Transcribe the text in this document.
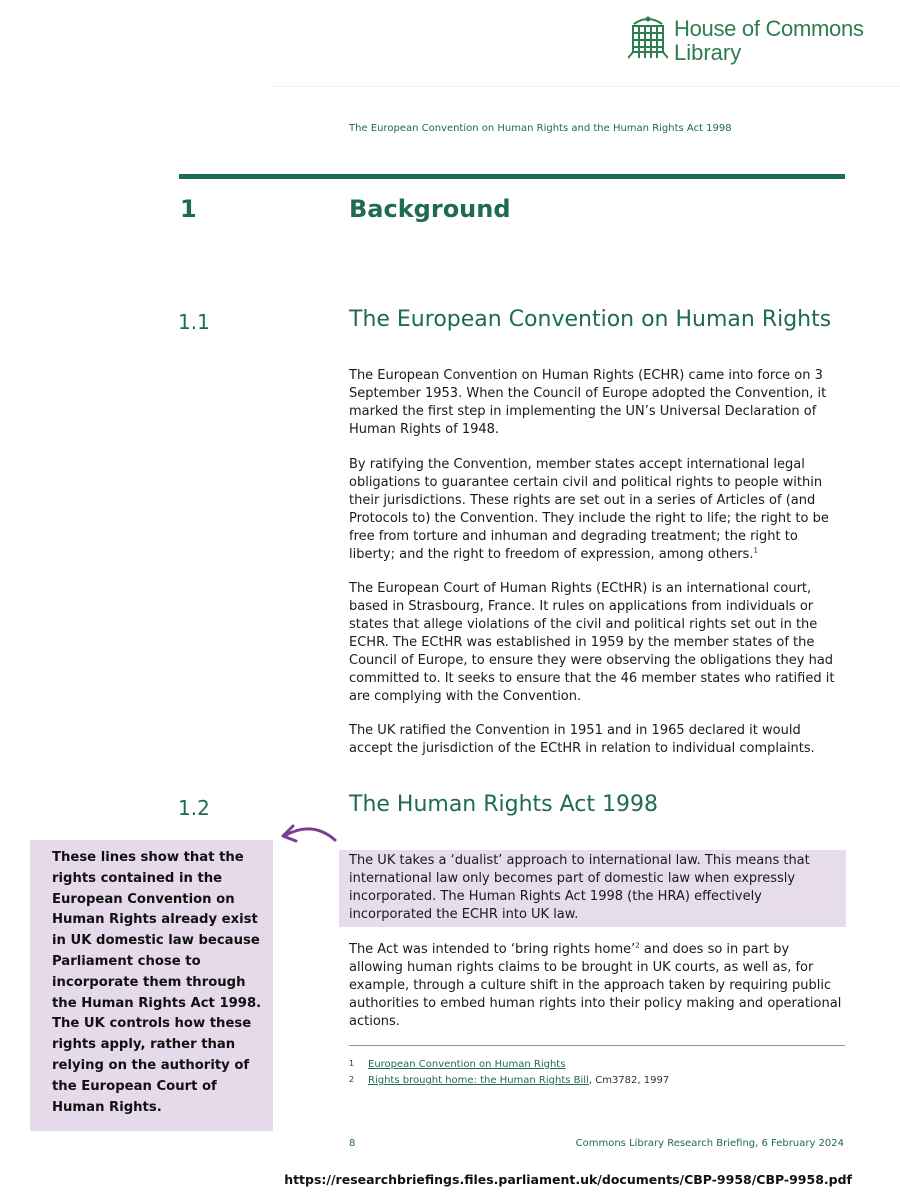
House of Commons
Library
The European Convention on Human Rights and the Human Rights Act 1998
1	Background
1.1	The European Convention on Human Rights

The European Convention on Human Rights (ECHR) came into force on 3 September 1953. When the Council of Europe adopted the Convention, it marked the first step in implementing the UN’s Universal Declaration of Human Rights of 1948.

By ratifying the Convention, member states accept international legal obligations to guarantee certain civil and political rights to people within their jurisdictions. These rights are set out in a series of Articles of (and Protocols to) the Convention. They include the right to life; the right to be free from torture and inhuman and degrading treatment; the right to liberty; and the right to freedom of expression, among others.$^1$

The European Court of Human Rights (ECtHR) is an international court, based in Strasbourg, France. It rules on applications from individuals or states that allege violations of the civil and political rights set out in the ECHR. The ECtHR was established in 1959 by the member states of the Council of Europe, to ensure they were observing the obligations they had committed to. It seeks to ensure that the 46 member states who ratified it are complying with the Convention.

The UK ratified the Convention in 1951 and in 1965 declared it would accept the jurisdiction of the ECtHR in relation to individual complaints.

1.2	The Human Rights Act 1998

The UK takes a ‘dualist’ approach to international law. This means that international law only becomes part of domestic law when expressly incorporated. The Human Rights Act 1998 (the HRA) effectively incorporated the ECHR into UK law.

The Act was intended to ‘bring rights home’$^2$ and does so in part by allowing human rights claims to be brought in UK courts, as well as, for example, through a culture shift in the approach taken by requiring public authorities to embed human rights into their policy making and operational actions.

These lines show that the rights contained in the European Convention on Human Rights already exist in UK domestic law because Parliament chose to incorporate them through the Human Rights Act 1998. The UK controls how these rights apply, rather than relying on the authority of the European Court of Human Rights.
1 European Convention on Human Rights
2 Rights brought home: the Human Rights Bill, Cm3782, 1997
8	Commons Library Research Briefing, 6 February 2024
https://researchbriefings.files.parliament.uk/documents/CBP-9958/CBP-9958.pdf
